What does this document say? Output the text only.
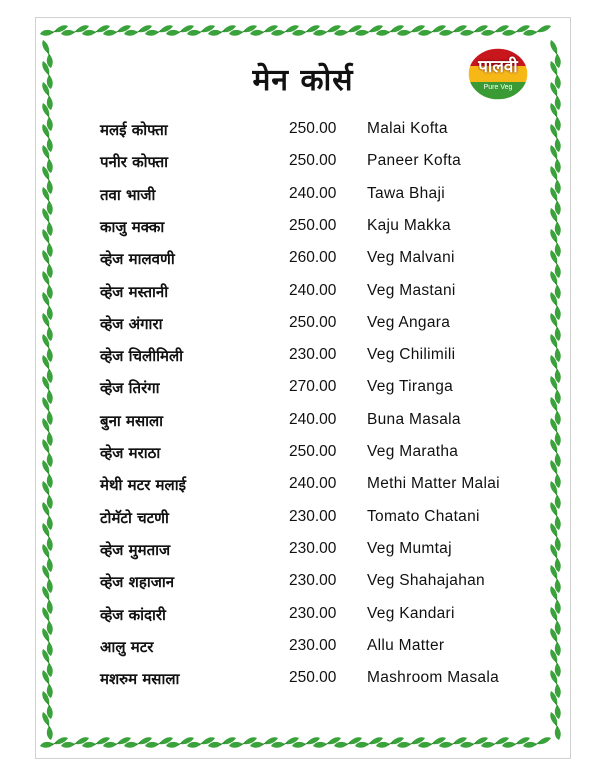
मेन कोर्स	पालवी
Pure Veg
मलई कोफ्ता	250.00 Malai Kofta
पनीर कोफ्ता	250.00 Paneer Kofta
तवा भाजी	240.00 Tawa Bhaji
काजु मक्का	250.00 Kaju Makka
व्हेज मालवणी	260.00 Veg Malvani
व्हेज मस्तानी	240.00 Veg Mastani
व्हेज अंगारा	250.00 Veg Angara
व्हेज चिलीमिली	230.00 Veg Chilimili
व्हेज तिरंगा	270.00 Veg Tiranga
बुना मसाला	240.00 Buna Masala
व्हेज मराठा	250.00 Veg Maratha
मेथी मटर मलाई	240.00 Methi Matter Malai
टोमॅटो चटणी	230.00 Tomato Chatani
व्हेज मुमताज	230.00 Veg Mumtaj
व्हेज शहाजान	230.00 Veg Shahajahan
व्हेज कांदारी	230.00 Veg Kandari
आलु मटर	230.00 Allu Matter
मशरुम मसाला	250.00 Mashroom Masala
